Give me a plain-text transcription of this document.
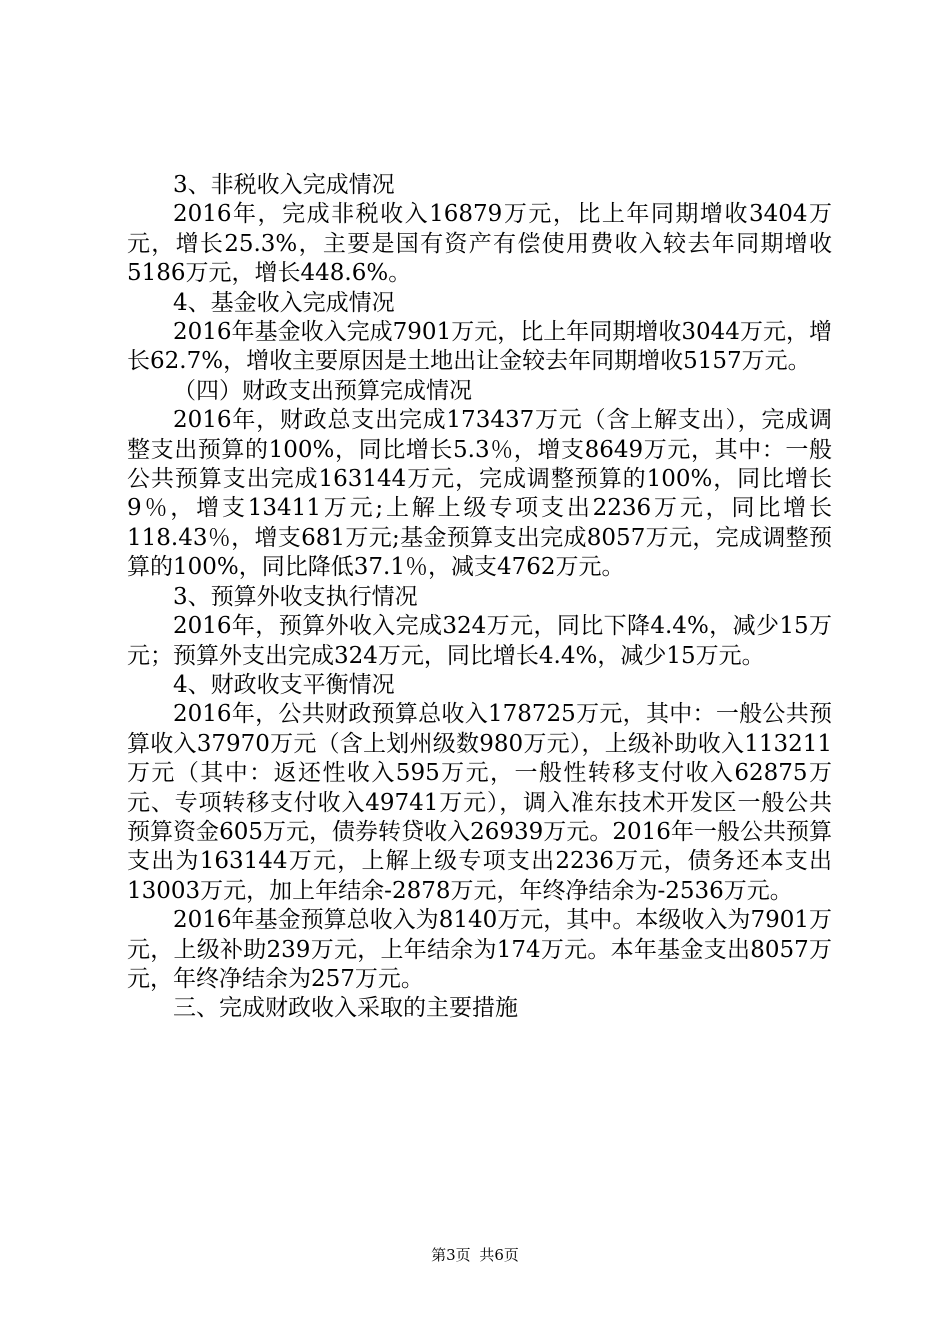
3、非税收入完成情况

2016年，完成非税收入16879万元，比上年同期增收3404万元，增长25.3%，主要是国有资产有偿使用费收入较去年同期增收5186万元，增长448.6%。

4、基金收入完成情况

2016年基金收入完成7901万元，比上年同期增收3044万元，增长62.7%，增收主要原因是土地出让金较去年同期增收5157万元。

（四）财政支出预算完成情况

2016年，财政总支出完成173437万元（含上解支出），完成调整支出预算的100%，同比增长5.3％，增支8649万元，其中：一般公共预算支出完成163144万元，完成调整预算的100%，同比增长9％，增支13411万元;上解上级专项支出2236万元，同比增长118.43％，增支681万元;基金预算支出完成8057万元，完成调整预算的100%，同比降低37.1％，减支4762万元。

3、预算外收支执行情况

2016年，预算外收入完成324万元，同比下降4.4%，减少15万元；预算外支出完成324万元，同比增长4.4%，减少15万元。

4、财政收支平衡情况

2016年，公共财政预算总收入178725万元，其中：一般公共预算收入37970万元（含上划州级数980万元），上级补助收入113211万元（其中：返还性收入595万元，一般性转移支付收入62875万元、专项转移支付收入49741万元），调入准东技术开发区一般公共预算资金605万元，债券转贷收入26939万元。2016年一般公共预算支出为163144万元，上解上级专项支出2236万元，债务还本支出13003万元，加上年结余-2878万元，年终净结余为-2536万元。

2016年基金预算总收入为8140万元，其中。本级收入为7901万元，上级补助239万元，上年结余为174万元。本年基金支出8057万元，年终净结余为257万元。

三、完成财政收入采取的主要措施

第3页 共6页
